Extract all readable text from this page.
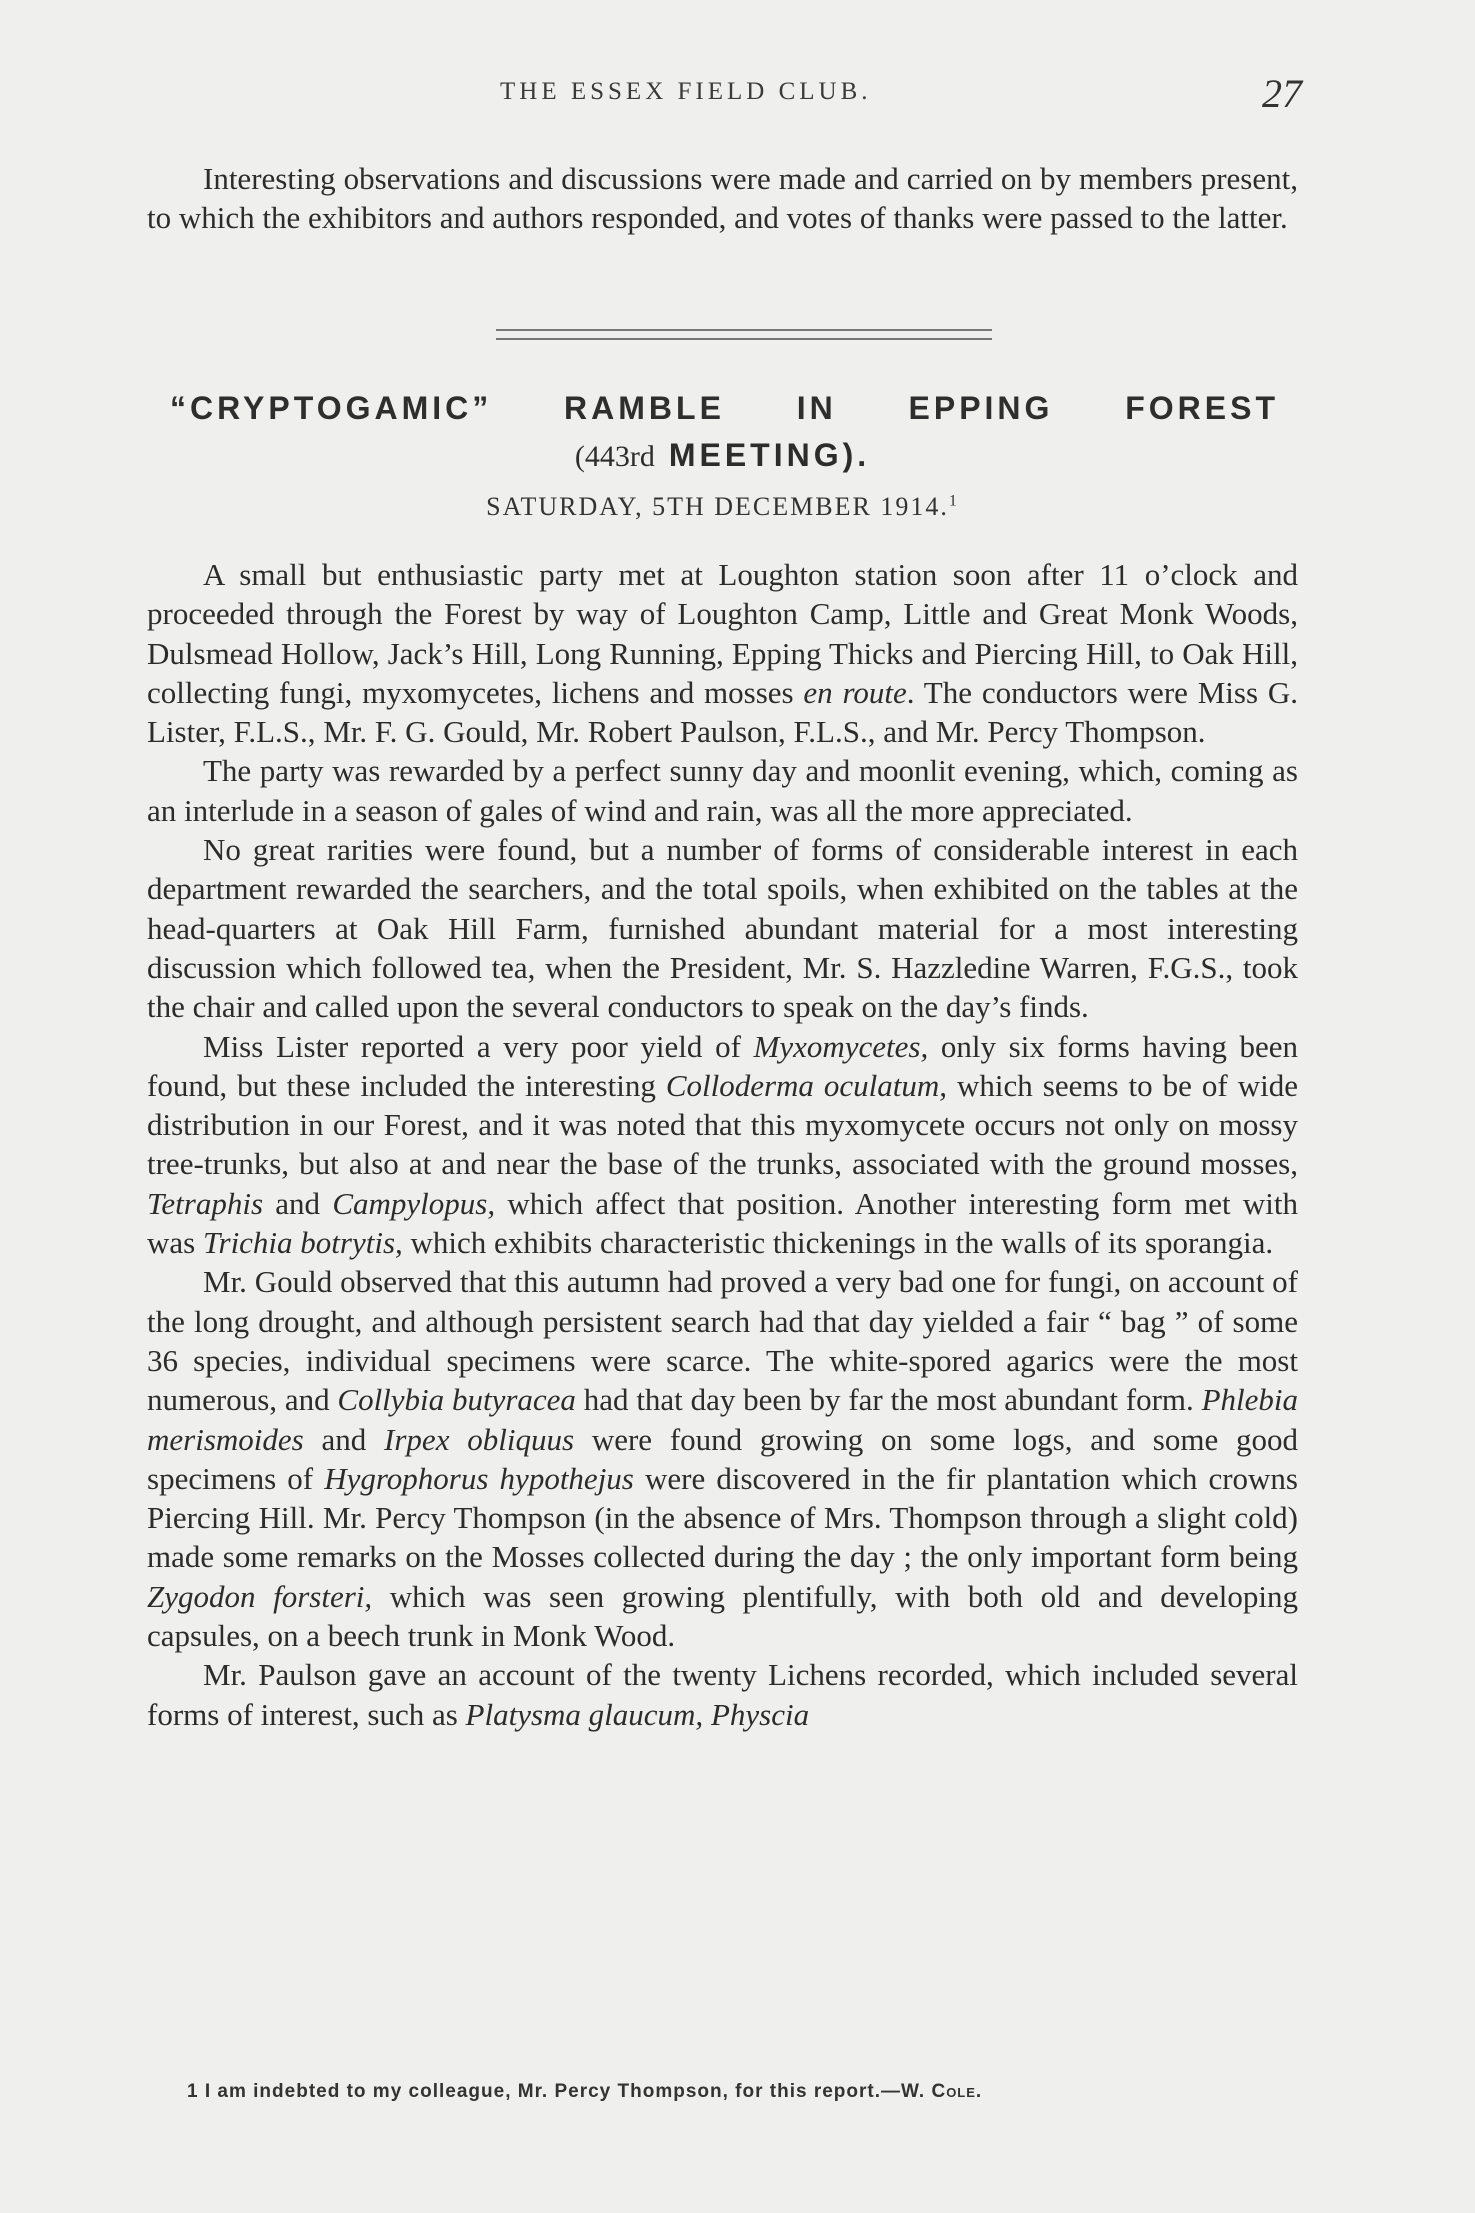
THE ESSEX FIELD CLUB.	27

Interesting observations and discussions were made and carried on by members present, to which the exhibitors and authors responded, and votes of thanks were passed to the latter.

“CRYPTOGAMIC” RAMBLE IN EPPING FOREST
(443rd MEETING).
SATURDAY, 5TH DECEMBER 1914.$^1$

A small but enthusiastic party met at Loughton station soon after 11 o’clock and proceeded through the Forest by way of Loughton Camp, Little and Great Monk Woods, Dulsmead Hollow, Jack’s Hill, Long Running, Epping Thicks and Piercing Hill, to Oak Hill, collecting fungi, myxomycetes, lichens and mosses en route. The conductors were Miss G. Lister, F.L.S., Mr. F. G. Gould, Mr. Robert Paulson, F.L.S., and Mr. Percy Thompson.

The party was rewarded by a perfect sunny day and moonlit evening, which, coming as an interlude in a season of gales of wind and rain, was all the more appreciated.

No great rarities were found, but a number of forms of considerable interest in each department rewarded the searchers, and the total spoils, when exhibited on the tables at the head-quarters at Oak Hill Farm, furnished abundant material for a most interesting discussion which followed tea, when the President, Mr. S. Hazzledine Warren, F.G.S., took the chair and called upon the several conductors to speak on the day’s finds.

Miss Lister reported a very poor yield of Myxomycetes, only six forms having been found, but these included the interesting Colloderma oculatum, which seems to be of wide distribution in our Forest, and it was noted that this myxomycete occurs not only on mossy tree-trunks, but also at and near the base of the trunks, associated with the ground mosses, Tetraphis and Campylopus, which affect that position. Another interesting form met with was Trichia botrytis, which exhibits characteristic thickenings in the walls of its sporangia.

Mr. Gould observed that this autumn had proved a very bad one for fungi, on account of the long drought, and although persistent search had that day yielded a fair “ bag ” of some 36 species, individual specimens were scarce. The white-spored agarics were the most numerous, and Collybia butyracea had that day been by far the most abundant form. Phlebia merismoides and Irpex obliquus were found growing on some logs, and some good specimens of Hygrophorus hypothejus were discovered in the fir plantation which crowns Piercing Hill. Mr. Percy Thompson (in the absence of Mrs. Thompson through a slight cold) made some remarks on the Mosses collected during the day ; the only important form being Zygodon forsteri, which was seen growing plentifully, with both old and developing capsules, on a beech trunk in Monk Wood.

Mr. Paulson gave an account of the twenty Lichens recorded, which included several forms of interest, such as Platysma glaucum, Physcia

1 I am indebted to my colleague, Mr. Percy Thompson, for this report.—W. Cole.
